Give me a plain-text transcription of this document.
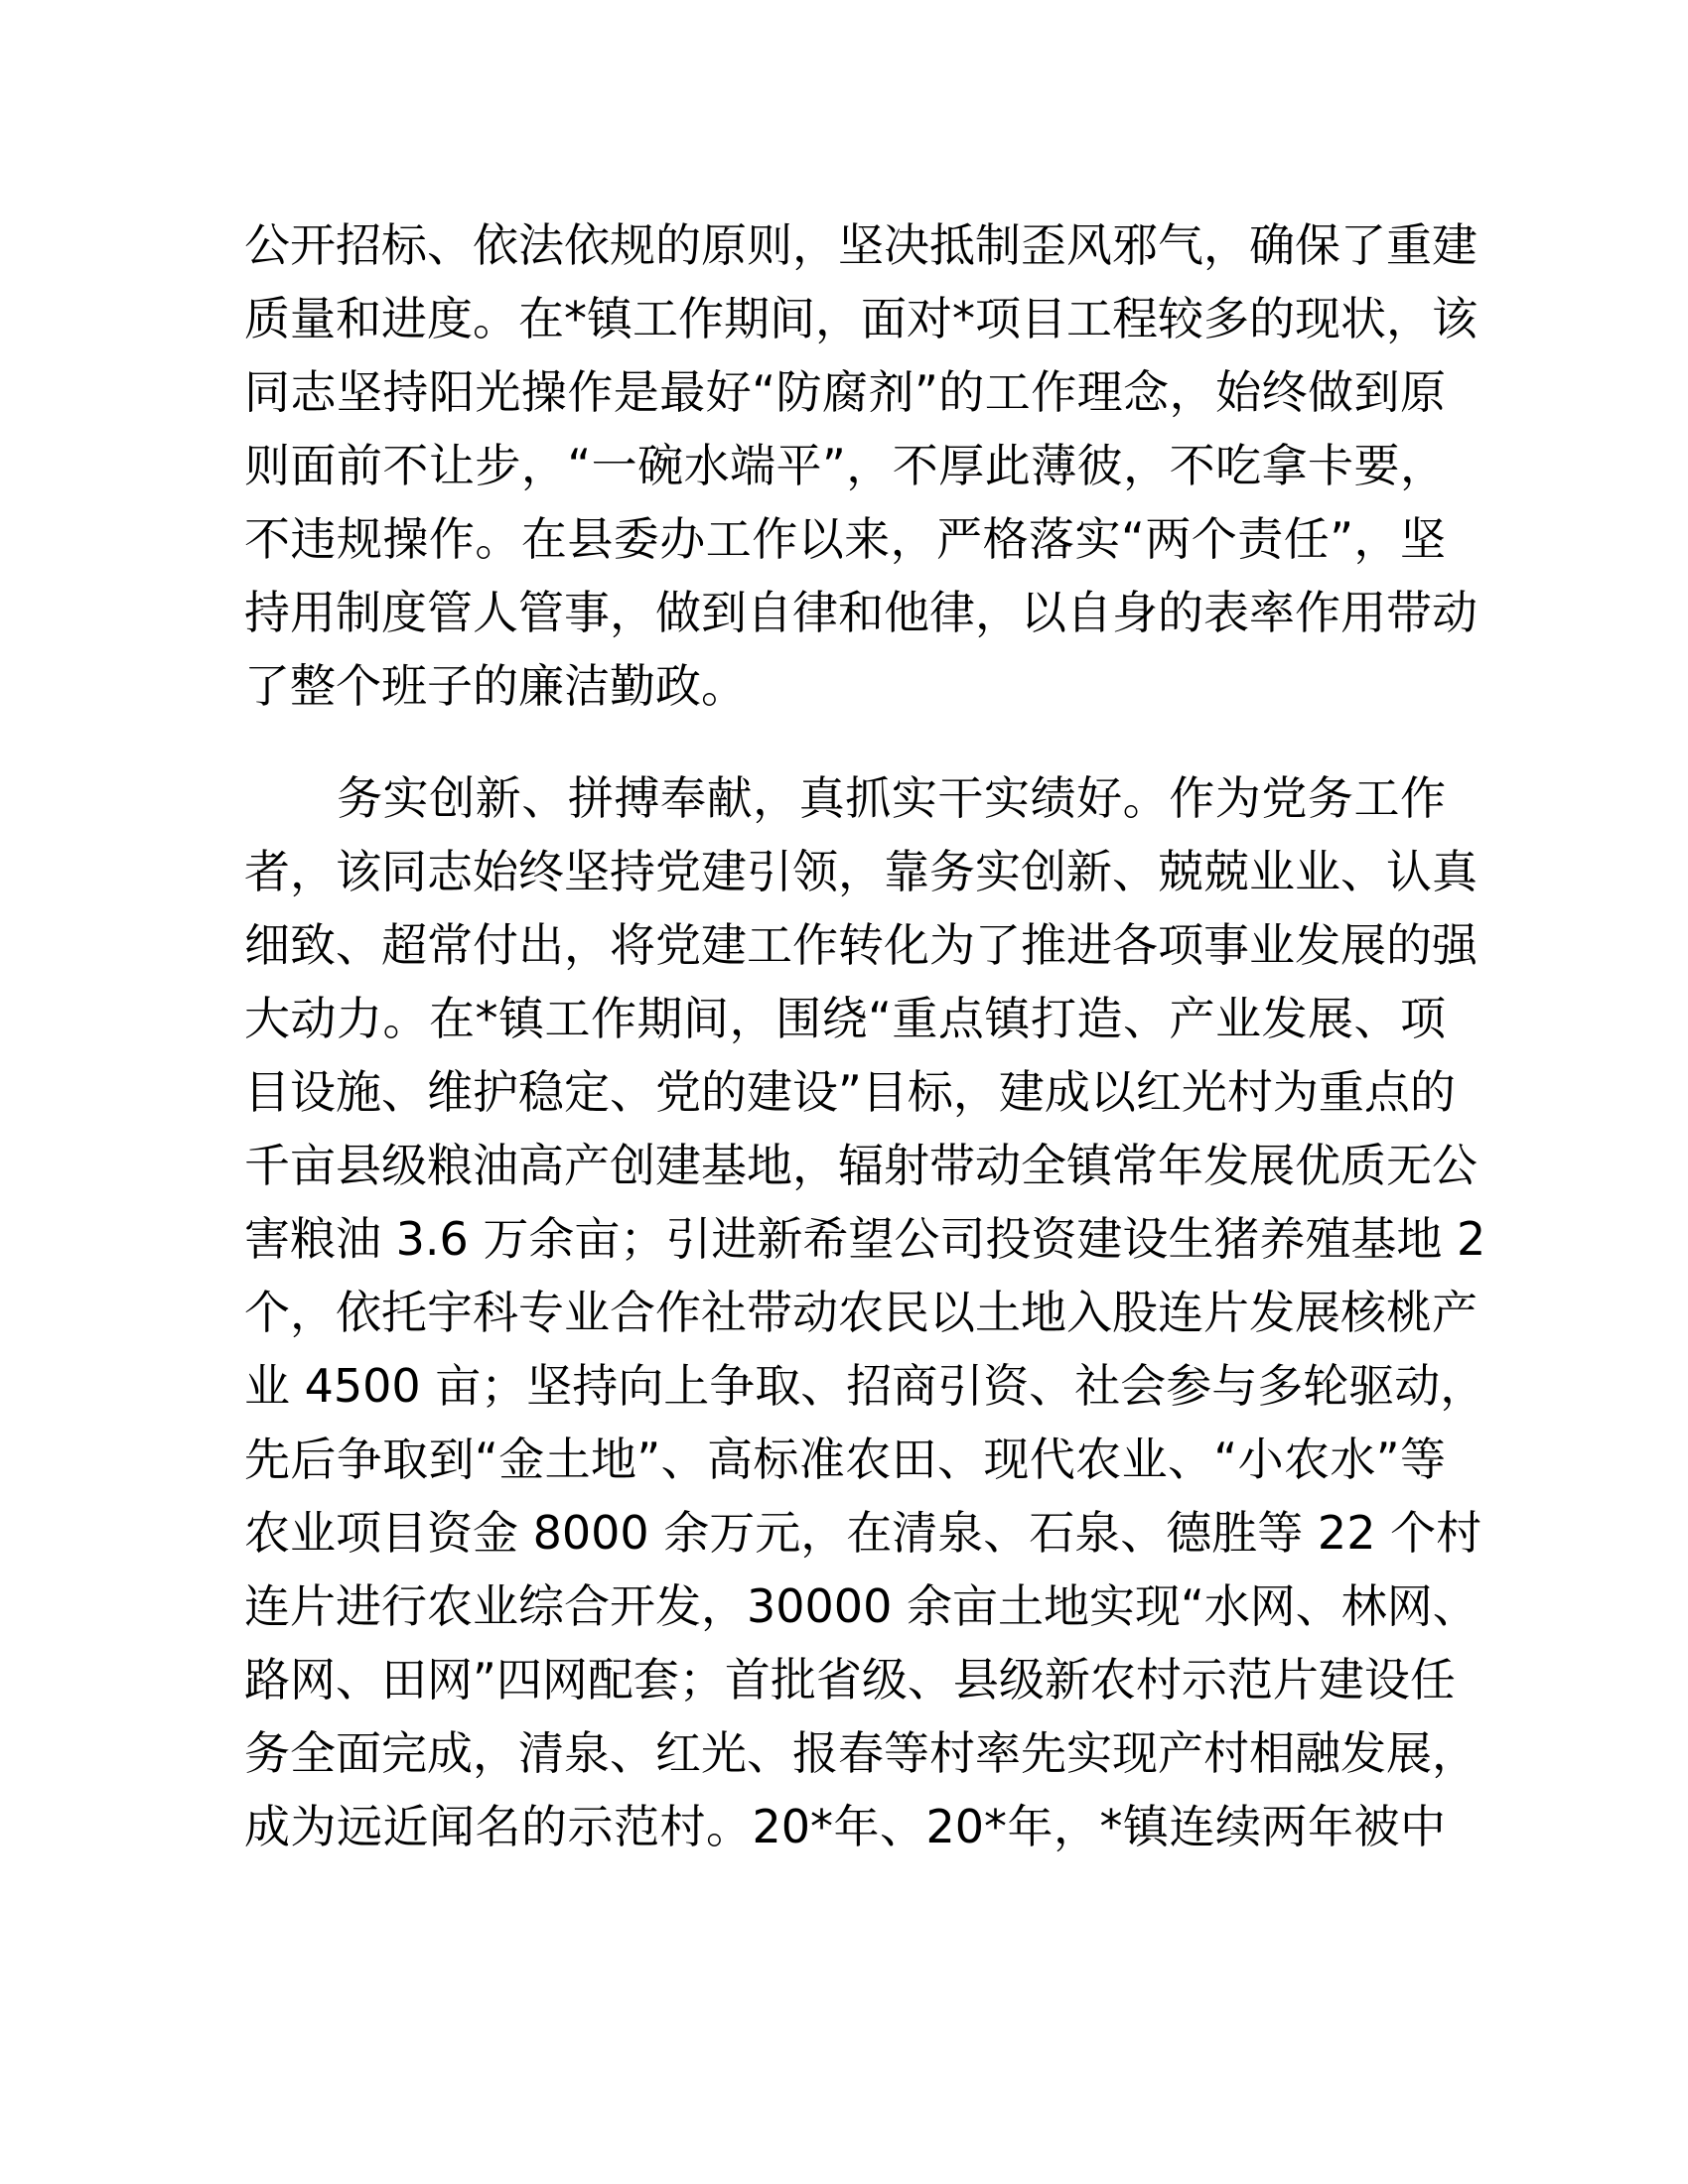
公开招标、依法依规的原则，坚决抵制歪风邪气，确保了重建

质量和进度。在*镇工作期间，面对*项目工程较多的现状，该

同志坚持阳光操作是最好“防腐剂”的工作理念，始终做到原

则面前不让步，“一碗水端平”，不厚此薄彼，不吃拿卡要，

不违规操作。在县委办工作以来，严格落实“两个责任”，坚

持用制度管人管事，做到自律和他律，以自身的表率作用带动

了整个班子的廉洁勤政。

　　务实创新、拼搏奉献，真抓实干实绩好。作为党务工作

者，该同志始终坚持党建引领，靠务实创新、兢兢业业、认真

细致、超常付出，将党建工作转化为了推进各项事业发展的强

大动力。在*镇工作期间，围绕“重点镇打造、产业发展、项

目设施、维护稳定、党的建设”目标，建成以红光村为重点的

千亩县级粮油高产创建基地，辐射带动全镇常年发展优质无公

害粮油 3.6 万余亩；引进新希望公司投资建设生猪养殖基地 2

个，依托宇科专业合作社带动农民以土地入股连片发展核桃产

业 4500 亩；坚持向上争取、招商引资、社会参与多轮驱动，

先后争取到“金土地”、高标准农田、现代农业、“小农水”等

农业项目资金 8000 余万元，在清泉、石泉、德胜等 22 个村

连片进行农业综合开发，30000 余亩土地实现“水网、林网、

路网、田网”四网配套；首批省级、县级新农村示范片建设任

务全面完成，清泉、红光、报春等村率先实现产村相融发展，

成为远近闻名的示范村。20*年、20*年，*镇连续两年被中
